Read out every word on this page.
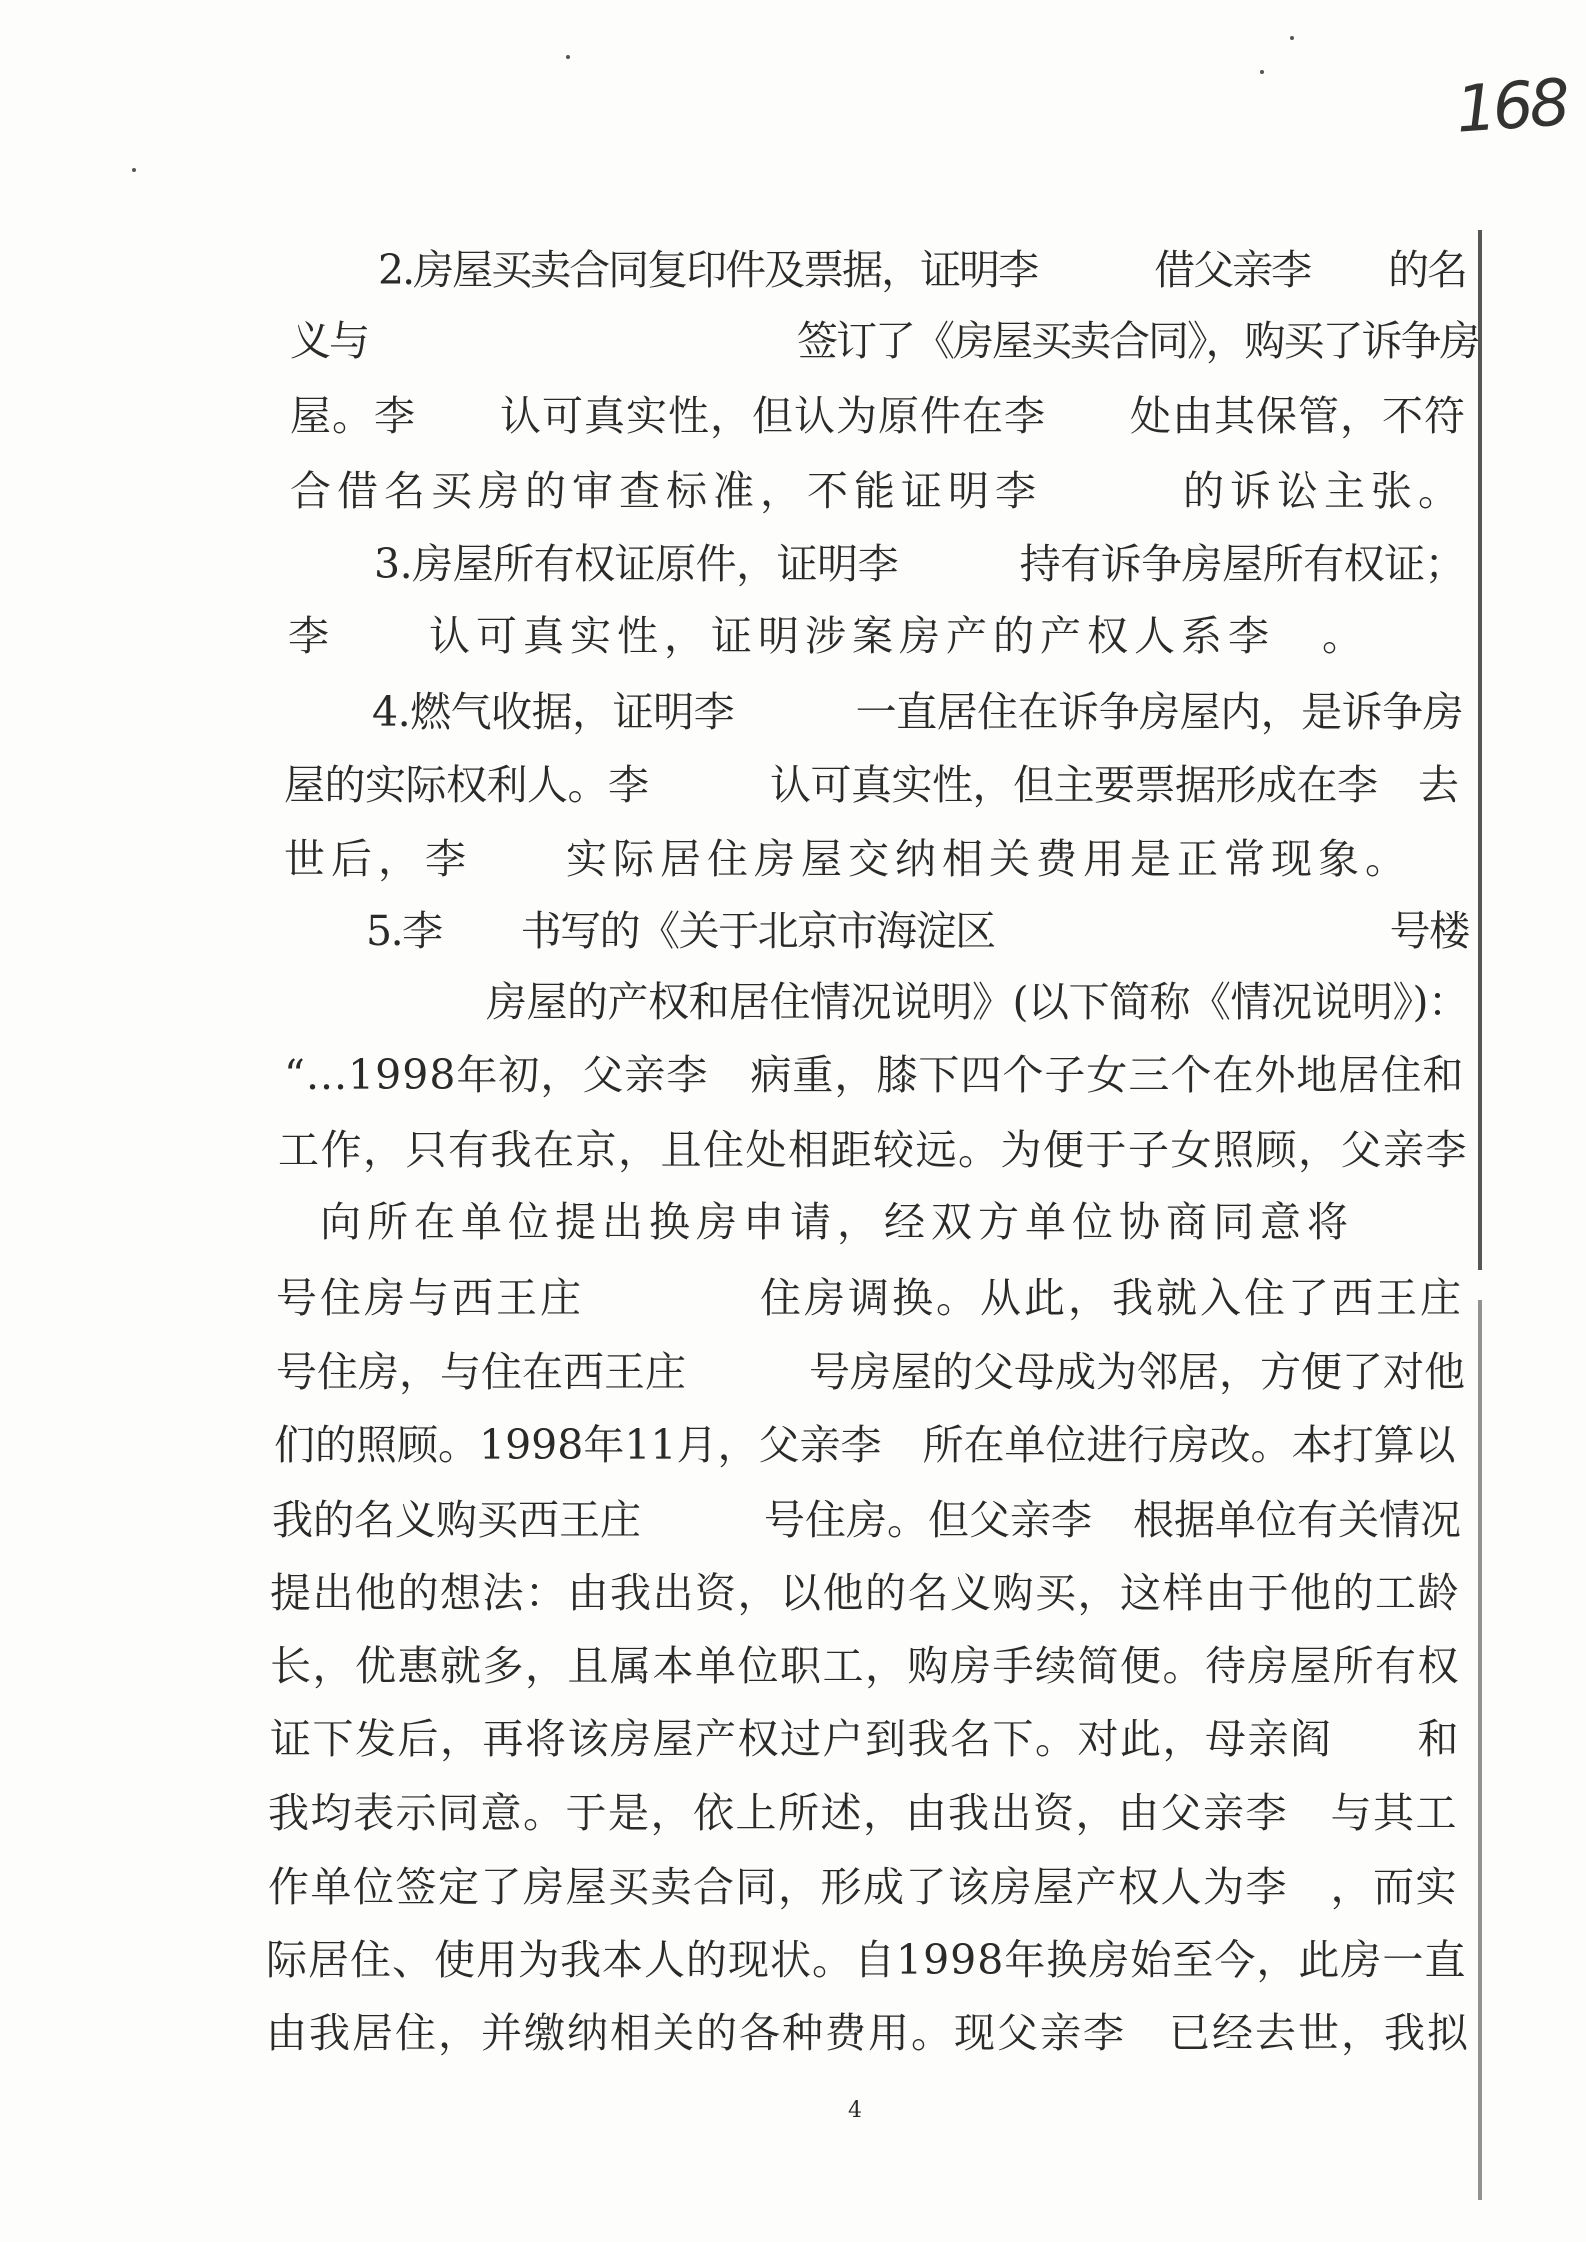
168
2.房屋买卖合同复印件及票据，证明李　　　借父亲李　　的名
义与　　　　　　　　　　　签订了《房屋买卖合同》，购买了诉争房
屋。李　　认可真实性，但认为原件在李　　处由其保管，不符
合借名买房的审查标准，不能证明李　　　的诉讼主张。
3.房屋所有权证原件，证明李　　　持有诉争房屋所有权证；
李　　认可真实性，证明涉案房产的产权人系李　。
4.燃气收据，证明李　　　一直居住在诉争房屋内，是诉争房
屋的实际权利人。李　　　认可真实性，但主要票据形成在李　去
世后，李　　实际居住房屋交纳相关费用是正常现象。
5.李　　书写的《关于北京市海淀区　　　　　　　　　　号楼
房屋的产权和居住情况说明》(以下简称《情况说明》)：
“...1998年初，父亲李　病重，膝下四个子女三个在外地居住和
工作，只有我在京，且住处相距较远。为便于子女照顾，父亲李
向所在单位提出换房申请，经双方单位协商同意将
号住房与西王庄　　　　住房调换。从此，我就入住了西王庄
号住房，与住在西王庄　　　号房屋的父母成为邻居，方便了对他
们的照顾。1998年11月，父亲李　所在单位进行房改。本打算以
我的名义购买西王庄　　　号住房。但父亲李　根据单位有关情况
提出他的想法：由我出资，以他的名义购买，这样由于他的工龄
长，优惠就多，且属本单位职工，购房手续简便。待房屋所有权
证下发后，再将该房屋产权过户到我名下。对此，母亲阎　　和
我均表示同意。于是，依上所述，由我出资，由父亲李　与其工
作单位签定了房屋买卖合同，形成了该房屋产权人为李　，而实
际居住、使用为我本人的现状。自1998年换房始至今，此房一直
由我居住，并缴纳相关的各种费用。现父亲李　已经去世，我拟
4
